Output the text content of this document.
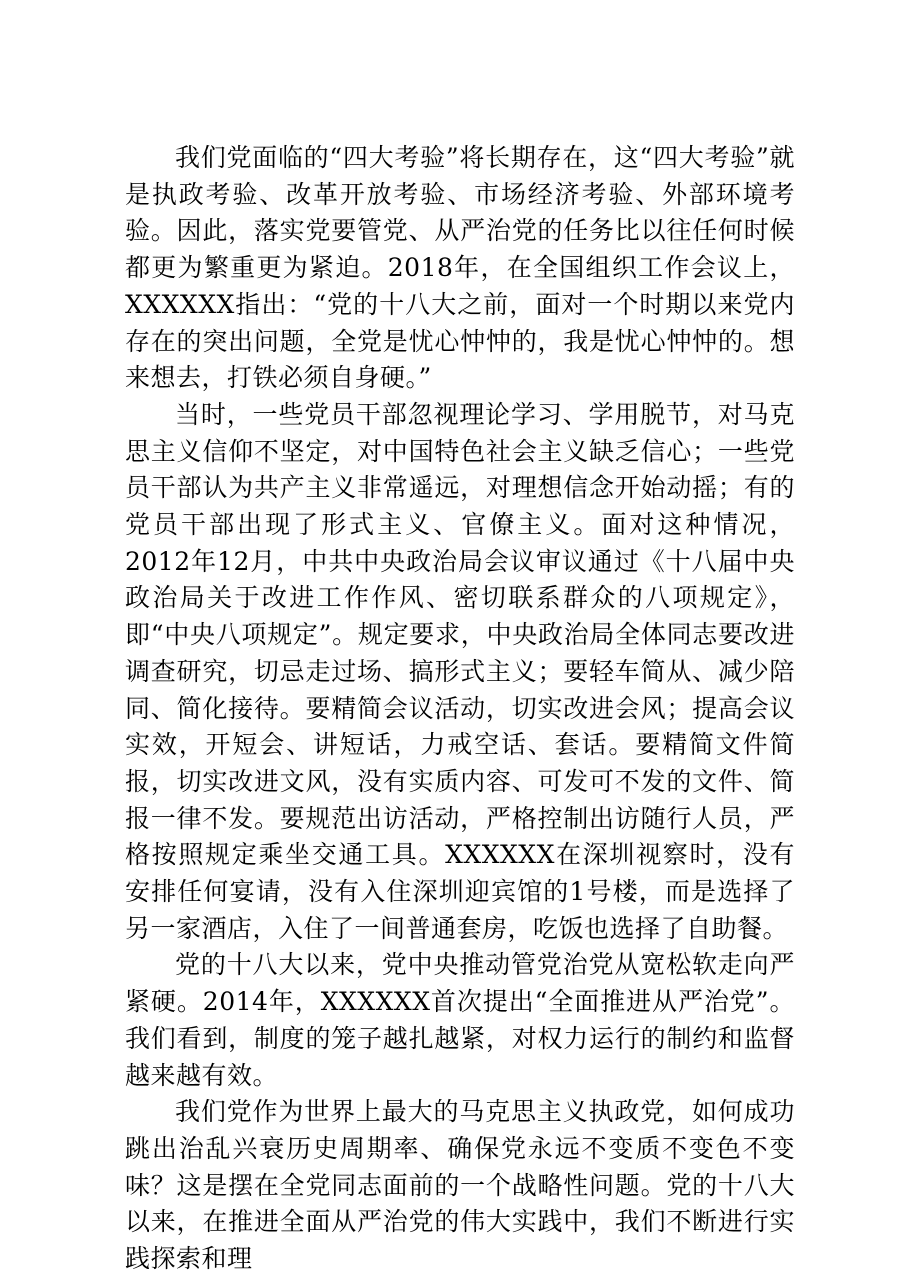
我们党面临的“四大考验”将长期存在，这“四大考验”就是执政考验、改革开放考验、市场经济考验、外部环境考验。因此，落实党要管党、从严治党的任务比以往任何时候都更为繁重更为紧迫。2018年，在全国组织工作会议上，XXXXXX指出：“党的十八大之前，面对一个时期以来党内存在的突出问题，全党是忧心忡忡的，我是忧心忡忡的。想来想去，打铁必须自身硬。”

当时，一些党员干部忽视理论学习、学用脱节，对马克思主义信仰不坚定，对中国特色社会主义缺乏信心；一些党员干部认为共产主义非常遥远，对理想信念开始动摇；有的党员干部出现了形式主义、官僚主义。面对这种情况，2012年12月，中共中央政治局会议审议通过《十八届中央政治局关于改进工作作风、密切联系群众的八项规定》，即“中央八项规定”。规定要求，中央政治局全体同志要改进调查研究，切忌走过场、搞形式主义；要轻车简从、减少陪同、简化接待。要精简会议活动，切实改进会风；提高会议实效，开短会、讲短话，力戒空话、套话。要精简文件简报，切实改进文风，没有实质内容、可发可不发的文件、简报一律不发。要规范出访活动，严格控制出访随行人员，严格按照规定乘坐交通工具。XXXXXX在深圳视察时，没有安排任何宴请，没有入住深圳迎宾馆的1号楼，而是选择了另一家酒店，入住了一间普通套房，吃饭也选择了自助餐。

党的十八大以来，党中央推动管党治党从宽松软走向严紧硬。2014年，XXXXXX首次提出“全面推进从严治党”。我们看到，制度的笼子越扎越紧，对权力运行的制约和监督越来越有效。

我们党作为世界上最大的马克思主义执政党，如何成功跳出治乱兴衰历史周期率、确保党永远不变质不变色不变味？这是摆在全党同志面前的一个战略性问题。党的十八大以来，在推进全面从严治党的伟大实践中，我们不断进行实践探索和理
